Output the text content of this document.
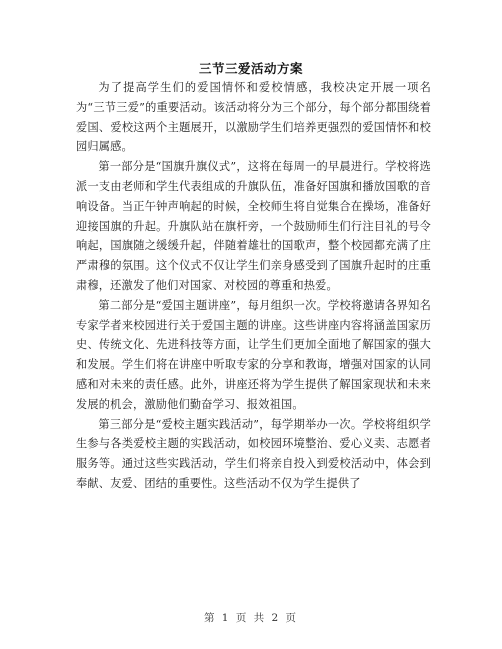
三节三爱活动方案

为了提高学生们的爱国情怀和爱校情感，我校决定开展一项名为“三节三爱”的重要活动。该活动将分为三个部分，每个部分都围绕着爱国、爱校这两个主题展开，以激励学生们培养更强烈的爱国情怀和校园归属感。

第一部分是“国旗升旗仪式”，这将在每周一的早晨进行。学校将选派一支由老师和学生代表组成的升旗队伍，准备好国旗和播放国歌的音响设备。当正午钟声响起的时候，全校师生将自觉集合在操场，准备好迎接国旗的升起。升旗队站在旗杆旁，一个鼓励师生们行注目礼的号令响起，国旗随之缓缓升起，伴随着雄壮的国歌声，整个校园都充满了庄严肃穆的氛围。这个仪式不仅让学生们亲身感受到了国旗升起时的庄重肃穆，还激发了他们对国家、对校园的尊重和热爱。

第二部分是“爱国主题讲座”，每月组织一次。学校将邀请各界知名专家学者来校园进行关于爱国主题的讲座。这些讲座内容将涵盖国家历史、传统文化、先进科技等方面，让学生们更加全面地了解国家的强大和发展。学生们将在讲座中听取专家的分享和教诲，增强对国家的认同感和对未来的责任感。此外，讲座还将为学生提供了解国家现状和未来发展的机会，激励他们勤奋学习、报效祖国。

第三部分是“爱校主题实践活动”，每学期举办一次。学校将组织学生参与各类爱校主题的实践活动，如校园环境整治、爱心义卖、志愿者服务等。通过这些实践活动，学生们将亲自投入到爱校活动中，体会到奉献、友爱、团结的重要性。这些活动不仅为学生提供了

第 1 页 共 2 页
